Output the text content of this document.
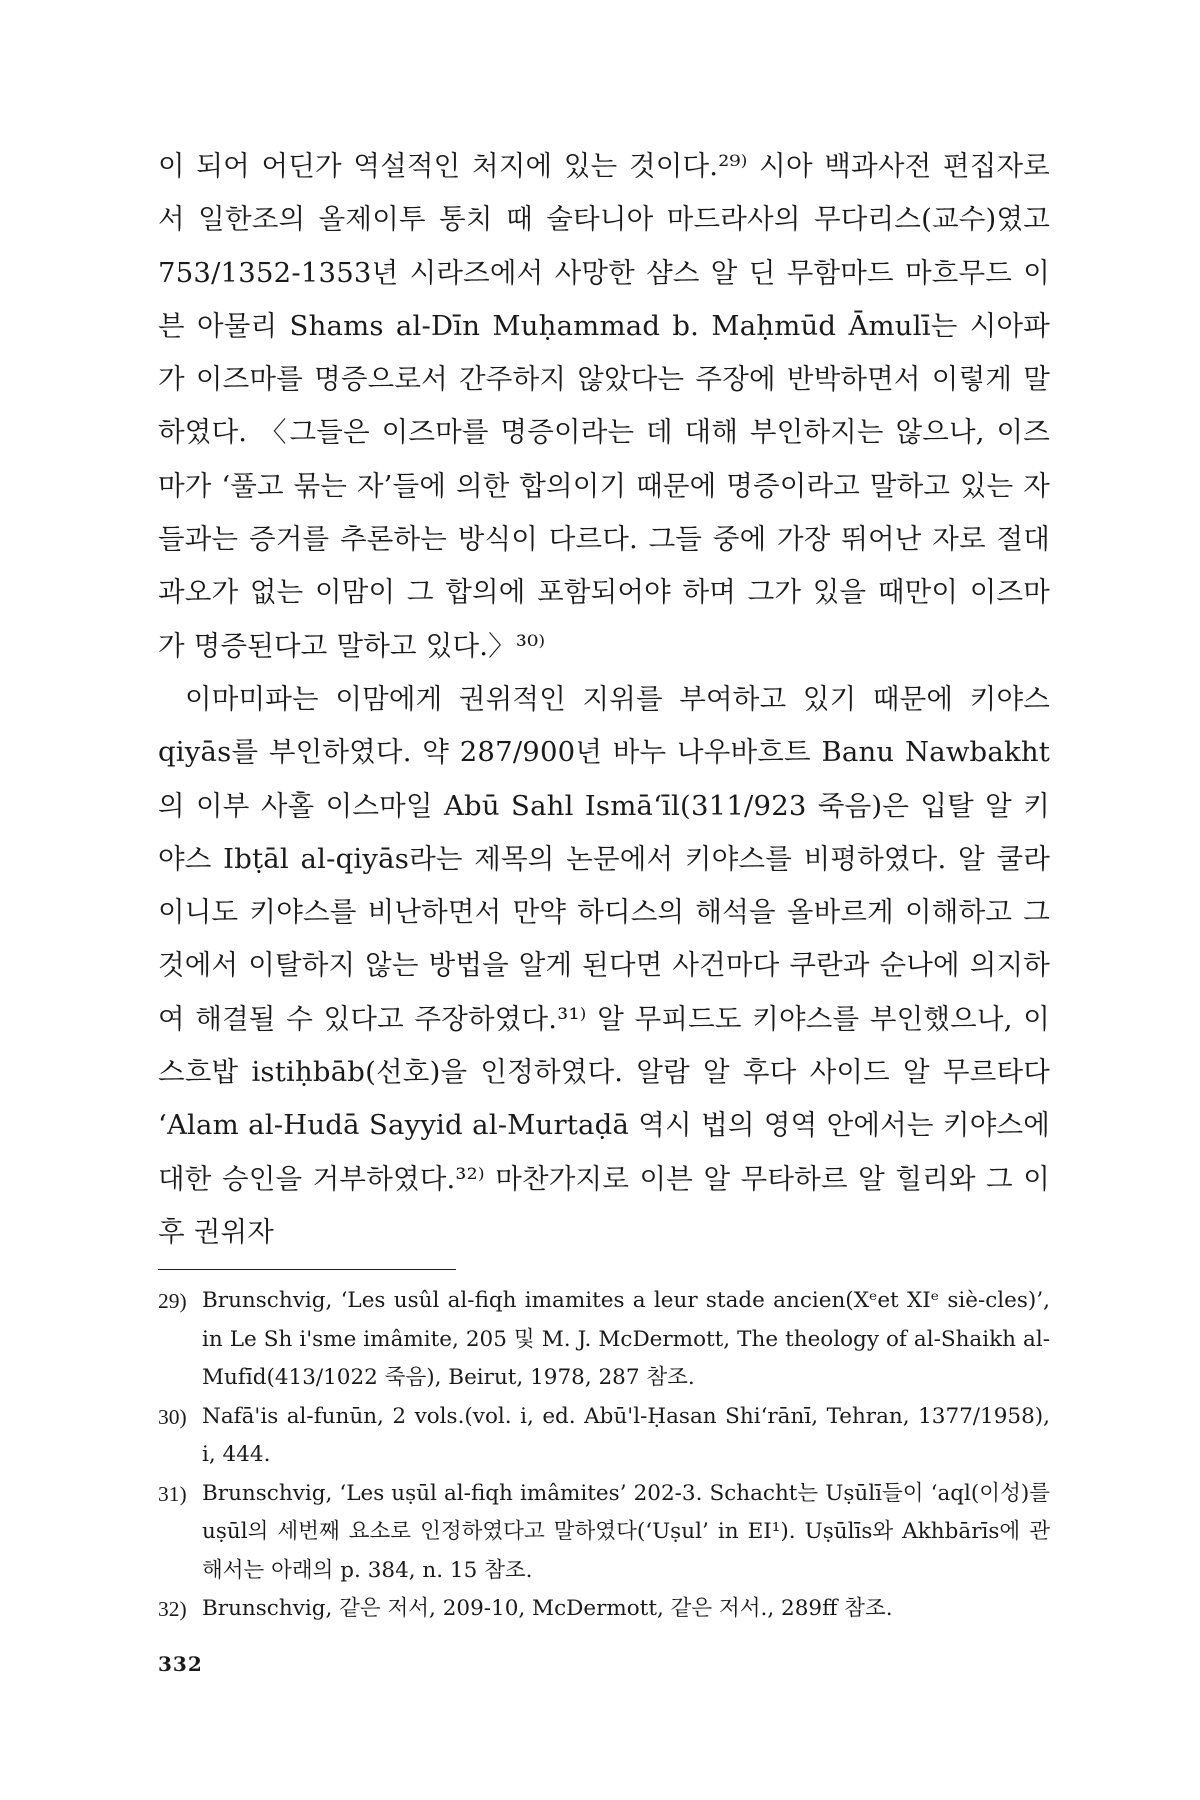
이 되어 어딘가 역설적인 처지에 있는 것이다.²⁹⁾ 시아 백과사전 편집자로서 일한조의 올제이투 통치 때 술타니아 마드라사의 무다리스(교수)였고 753/1352-1353년 시라즈에서 사망한 샴스 알 딘 무함마드 마흐무드 이븐 아물리 Shams al-Dīn Muḥammad b. Maḥmūd Āmulī는 시아파가 이즈마를 명증으로서 간주하지 않았다는 주장에 반박하면서 이렇게 말하였다. 〈그들은 이즈마를 명증이라는 데 대해 부인하지는 않으나, 이즈마가 ‘풀고 묶는 자’들에 의한 합의이기 때문에 명증이라고 말하고 있는 자들과는 증거를 추론하는 방식이 다르다. 그들 중에 가장 뛰어난 자로 절대 과오가 없는 이맘이 그 합의에 포함되어야 하며 그가 있을 때만이 이즈마가 명증된다고 말하고 있다.〉³⁰⁾

이마미파는 이맘에게 권위적인 지위를 부여하고 있기 때문에 키야스 qiyās를 부인하였다. 약 287/900년 바누 나우바흐트 Banu Nawbakht의 이부 사홀 이스마일 Abū Sahl Ismā‘īl(311/923 죽음)은 입탈 알 키야스 Ibṭāl al-qiyās라는 제목의 논문에서 키야스를 비평하였다. 알 쿨라이니도 키야스를 비난하면서 만약 하디스의 해석을 올바르게 이해하고 그것에서 이탈하지 않는 방법을 알게 된다면 사건마다 쿠란과 순나에 의지하여 해결될 수 있다고 주장하였다.³¹⁾ 알 무피드도 키야스를 부인했으나, 이스흐밥 istiḥbāb(선호)을 인정하였다. 알람 알 후다 사이드 알 무르타다 ‘Alam al-Hudā Sayyid al-Murtaḍā 역시 법의 영역 안에서는 키야스에 대한 승인을 거부하였다.³²⁾ 마찬가지로 이븐 알 무타하르 알 힐리와 그 이후 권위자

29) Brunschvig, ‘Les usûl al-fiqh imamites a leur stade ancien(Xᵉet XIᵉ siè-cles)’, in Le Sh i'sme imâmite, 205 및 M. J. McDermott, The theology of al-Shaikh al-Mufīd(413/1022 죽음), Beirut, 1978, 287 참조.
30) Nafā'is al-funūn, 2 vols.(vol. i, ed. Abū'l-Ḥasan Shi‘rānī, Tehran, 1377/1958), i, 444.
31) Brunschvig, ‘Les uṣūl al-fiqh imâmites’ 202-3. Schacht는 Uṣūlī들이 ‘aql(이성)를 uṣūl의 세번째 요소로 인정하였다고 말하였다(‘Uṣul’ in EI¹). Uṣūlīs와 Akhbārīs에 관해서는 아래의 p. 384, n. 15 참조.
32) Brunschvig, 같은 저서, 209-10, McDermott, 같은 저서., 289ff 참조.
332
